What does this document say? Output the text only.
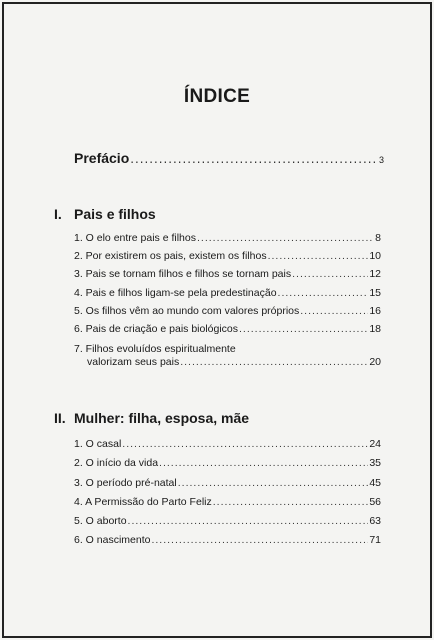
ÍNDICE
Prefácio .....	3
I. Pais e filhos
1. O elo entre pais e filhos .....	8
2. Por existirem os pais, existem os filhos .....	10
3. Pais se tornam filhos e filhos se tornam pais .....	12
4. Pais e filhos ligam-se pela predestinação .....	15
5. Os filhos vêm ao mundo com valores próprios .....	16
6. Pais de criação e pais biológicos .....	18
7. Filhos evoluídos espiritualmente
valorizam seus pais .....	20
II. Mulher: filha, esposa, mãe
1. O casal .....	24
2. O início da vida .....	35
3. O período pré-natal .....	45
4. A Permissão do Parto Feliz .....	56
5. O aborto .....	63
6. O nascimento .....	71
